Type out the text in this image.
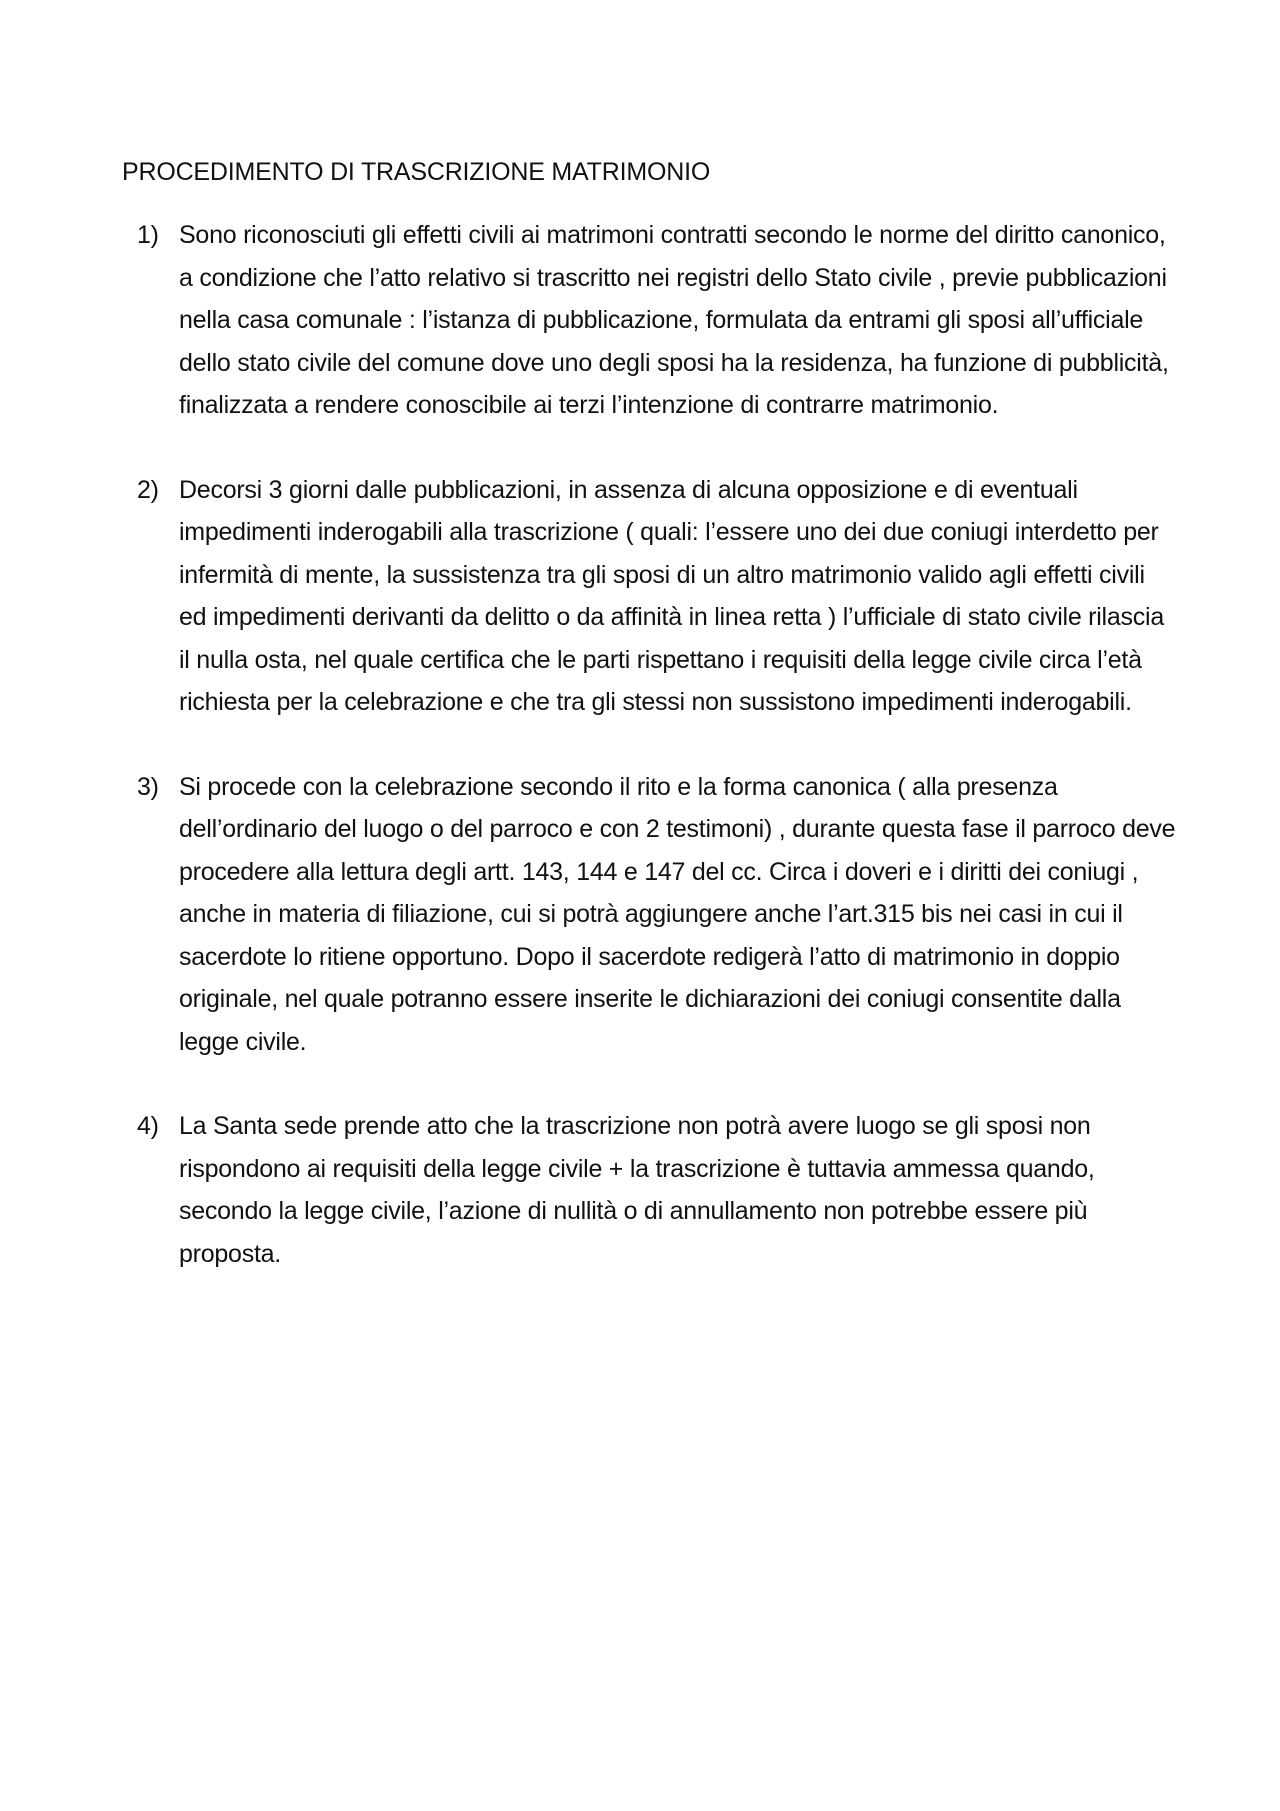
PROCEDIMENTO DI TRASCRIZIONE MATRIMONIO
1) Sono riconosciuti gli effetti civili ai matrimoni contratti secondo le norme del diritto canonico, a condizione che l’atto relativo si trascritto nei registri dello Stato civile , previe pubblicazioni nella casa comunale : l’istanza di pubblicazione, formulata da entrami gli sposi all’ufficiale dello stato civile del comune dove uno degli sposi ha la residenza, ha funzione di pubblicità, finalizzata a rendere conoscibile ai terzi l’intenzione di contrarre matrimonio.
2) Decorsi 3 giorni dalle pubblicazioni, in assenza di alcuna opposizione e di eventuali impedimenti inderogabili alla trascrizione ( quali: l’essere uno dei due coniugi interdetto per infermità di mente, la sussistenza tra gli sposi di un altro matrimonio valido agli effetti civili ed impedimenti derivanti da delitto o da affinità in linea retta ) l’ufficiale di stato civile rilascia il nulla osta, nel quale certifica che le parti rispettano i requisiti della legge civile circa l’età richiesta per la celebrazione e che tra gli stessi non sussistono impedimenti inderogabili.
3) Si procede con la celebrazione secondo il rito e la forma canonica ( alla presenza dell’ordinario del luogo o del parroco e con 2 testimoni) , durante questa fase il parroco deve procedere alla lettura degli artt. 143, 144 e 147 del cc. Circa i doveri e i diritti dei coniugi , anche in materia di filiazione, cui si potrà aggiungere anche l’art.315 bis nei casi in cui il sacerdote lo ritiene opportuno. Dopo il sacerdote redigerà l’atto di matrimonio in doppio originale, nel quale potranno essere inserite le dichiarazioni dei coniugi consentite dalla legge civile.
4) La Santa sede prende atto che la trascrizione non potrà avere luogo se gli sposi non rispondono ai requisiti della legge civile + la trascrizione è tuttavia ammessa quando, secondo la legge civile, l’azione di nullità o di annullamento non potrebbe essere più proposta.
